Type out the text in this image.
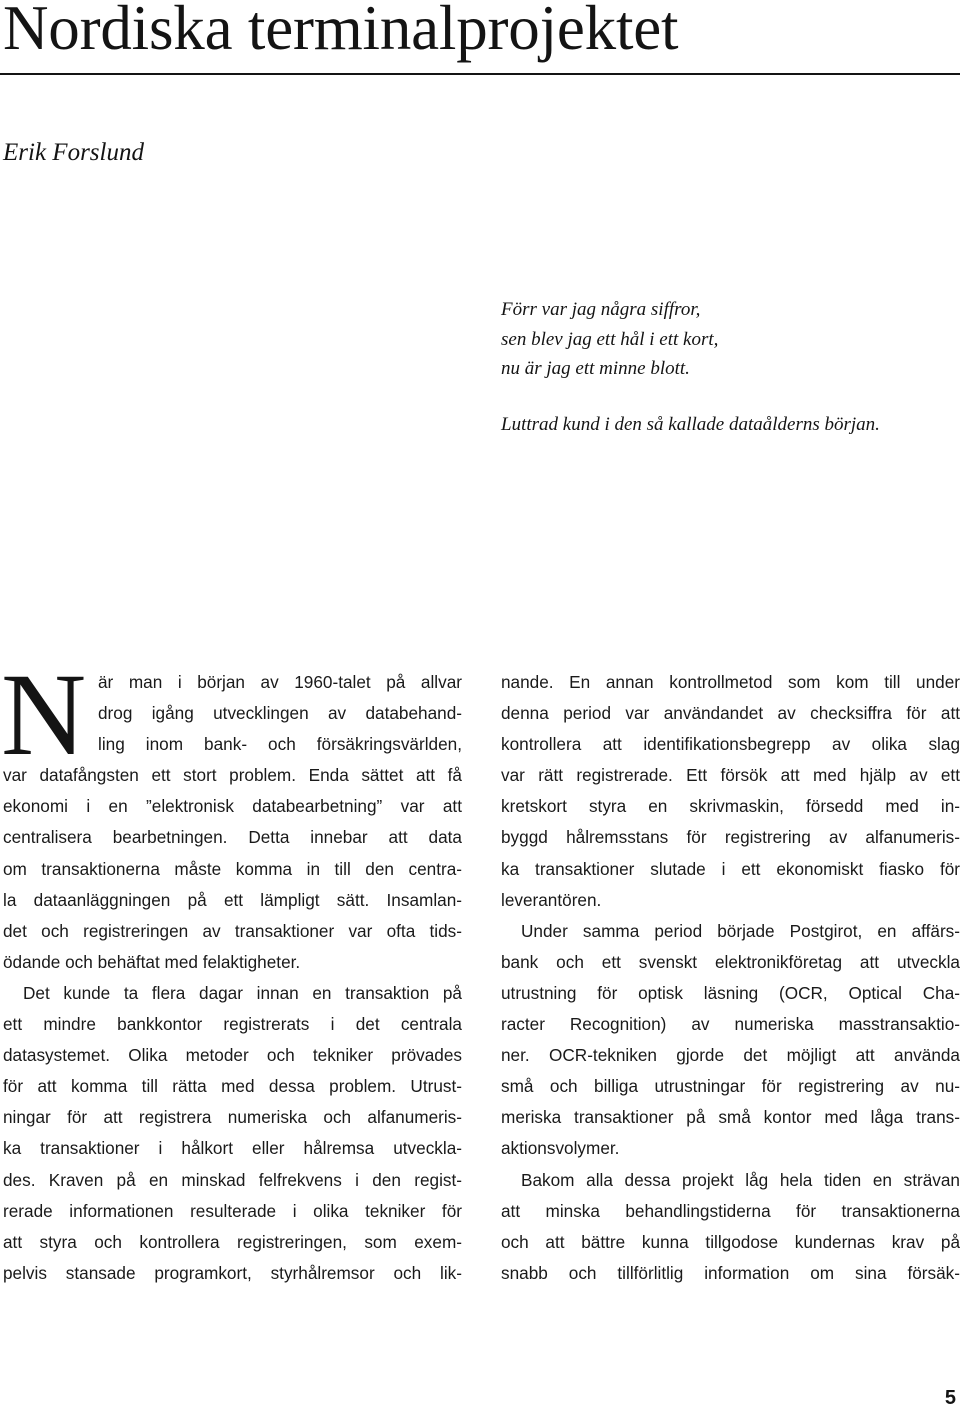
Nordiska terminalprojektet
Erik Forslund
Förr var jag några siffror,
sen blev jag ett hål i ett kort,
nu är jag ett minne blott.
Luttrad kund i den så kallade dataålderns början.
N är man i början av 1960-talet på allvar
drog igång utvecklingen av databehand-
ling inom bank- och försäkringsvärlden,
var datafångsten ett stort problem. Enda sättet att få
ekonomi i en ”elektronisk databearbetning” var att
centralisera bearbetningen. Detta innebar att data
om transaktionerna måste komma in till den centra-
la dataanläggningen på ett lämpligt sätt. Insamlan-
det och registreringen av transaktioner var ofta tids-
ödande och behäftat med felaktigheter.
Det kunde ta flera dagar innan en transaktion på
ett mindre bankkontor registrerats i det centrala
datasystemet. Olika metoder och tekniker prövades
för att komma till rätta med dessa problem. Utrust-
ningar för att registrera numeriska och alfanumeris-
ka transaktioner i hålkort eller hålremsa utveckla-
des. Kraven på en minskad felfrekvens i den regist-
rerade informationen resulterade i olika tekniker för
att styra och kontrollera registreringen, som exem-
pelvis stansade programkort, styrhålremsor och lik-
nande. En annan kontrollmetod som kom till under
denna period var användandet av checksiffra för att
kontrollera att identifikationsbegrepp av olika slag
var rätt registrerade. Ett försök att med hjälp av ett
kretskort styra en skrivmaskin, försedd med in-
byggd hålremsstans för registrering av alfanumeris-
ka transaktioner slutade i ett ekonomiskt fiasko för
leverantören.
Under samma period började Postgirot, en affärs-
bank och ett svenskt elektronikföretag att utveckla
utrustning för optisk läsning (OCR, Optical Cha-
racter Recognition) av numeriska masstransaktio-
ner. OCR-tekniken gjorde det möjligt att använda
små och billiga utrustningar för registrering av nu-
meriska transaktioner på små kontor med låga trans-
aktionsvolymer.
Bakom alla dessa projekt låg hela tiden en strävan
att minska behandlingstiderna för transaktionerna
och att bättre kunna tillgodose kundernas krav på
snabb och tillförlitlig information om sina försäk-
5
